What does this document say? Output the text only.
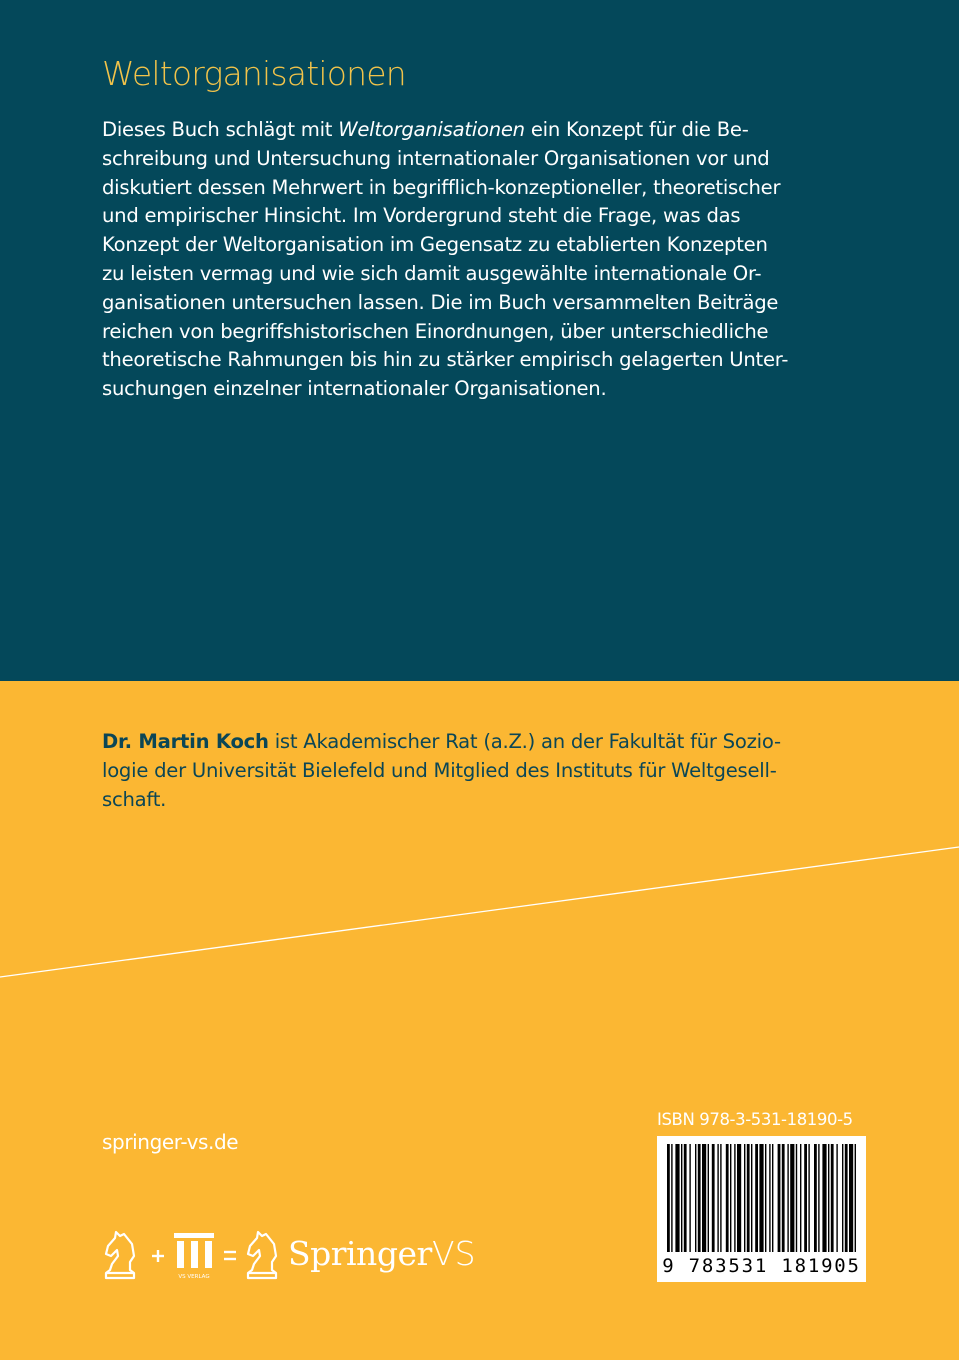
Weltorganisationen
Dieses Buch schlägt mit Weltorganisationen ein Konzept für die Be-
schreibung und Untersuchung internationaler Organisationen vor und
diskutiert dessen Mehrwert in begrifflich-konzeptioneller, theoretischer
und empirischer Hinsicht. Im Vordergrund steht die Frage, was das
Konzept der Weltorganisation im Gegensatz zu etablierten Konzepten
zu leisten vermag und wie sich damit ausgewählte internationale Or-
ganisationen untersuchen lassen. Die im Buch versammelten Beiträge
reichen von begriffshistorischen Einordnungen, über unterschiedliche
theoretische Rahmungen bis hin zu stärker empirisch gelagerten Unter-
suchungen einzelner internationaler Organisationen.
Dr. Martin Koch ist Akademischer Rat (a.Z.) an der Fakultät für Sozio-
logie der Universität Bielefeld und Mitglied des Instituts für Weltgesell-
schaft.
springer-vs.de
ISBN 978-3-531-18190-5
9 783531 181905
VS VERLAG
Springer VS
